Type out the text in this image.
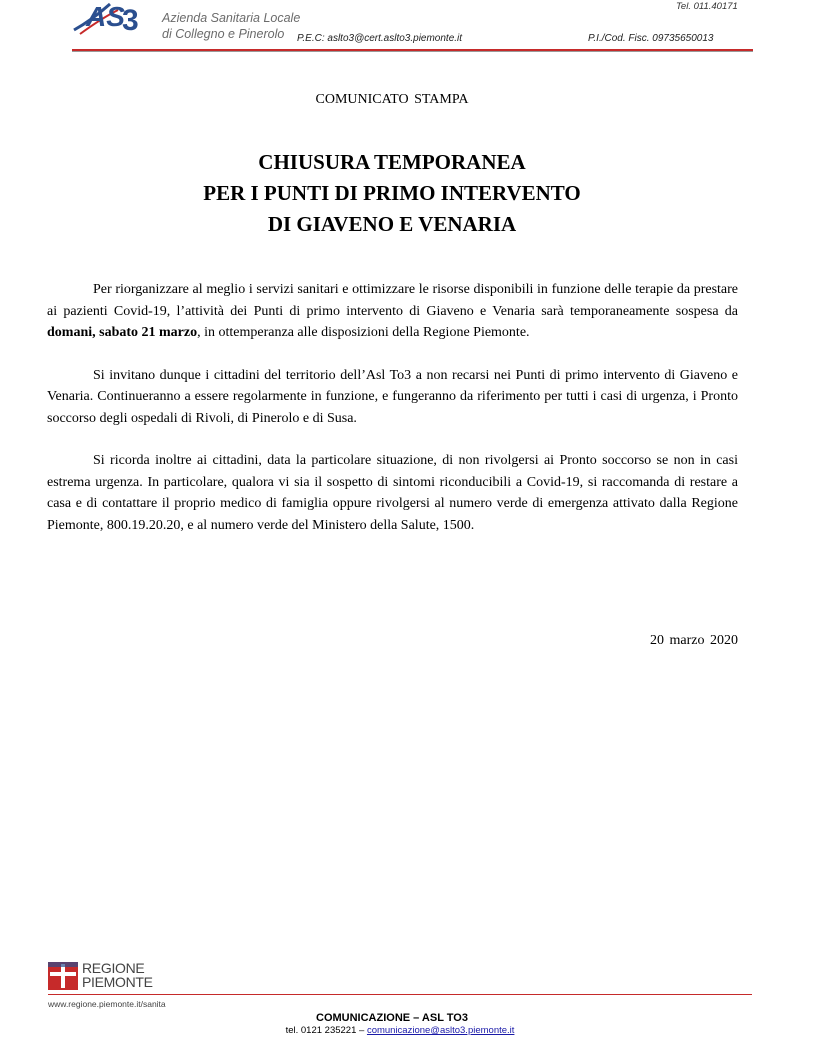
AS
3 Azienda Sanitaria Locale
di Collegno e Pinerolo
Tel. 011.40171
P.E.C: aslto3@cert.aslto3.piemonte.it	P.I./Cod. Fisc. 09735650013
COMUNICATO STAMPA
CHIUSURA TEMPORANEA
PER I PUNTI DI PRIMO INTERVENTO
DI GIAVENO E VENARIA

Per riorganizzare al meglio i servizi sanitari e ottimizzare le risorse disponibili in funzione delle terapie da prestare ai pazienti Covid-19, l’attività dei Punti di primo intervento di Giaveno e Venaria sarà temporaneamente sospesa da domani, sabato 21 marzo, in ottemperanza alle disposizioni della Regione Piemonte.

Si invitano dunque i cittadini del territorio dell’Asl To3 a non recarsi nei Punti di primo intervento di Giaveno e Venaria. Continueranno a essere regolarmente in funzione, e fungeranno da riferimento per tutti i casi di urgenza, i Pronto soccorso degli ospedali di Rivoli, di Pinerolo e di Susa.

Si ricorda inoltre ai cittadini, data la particolare situazione, di non rivolgersi ai Pronto soccorso se non in casi estrema urgenza. In particolare, qualora vi sia il sospetto di sintomi riconducibili a Covid-19, si raccomanda di restare a casa e di contattare il proprio medico di famiglia oppure rivolgersi al numero verde di emergenza attivato dalla Regione Piemonte, 800.19.20.20, e al numero verde del Ministero della Salute, 1500.

20 marzo 2020
REGIONE
PIEMONTE
www.regione.piemonte.it/sanita
COMUNICAZIONE – ASL TO3
tel. 0121 235221 – comunicazione@aslto3.piemonte.it
